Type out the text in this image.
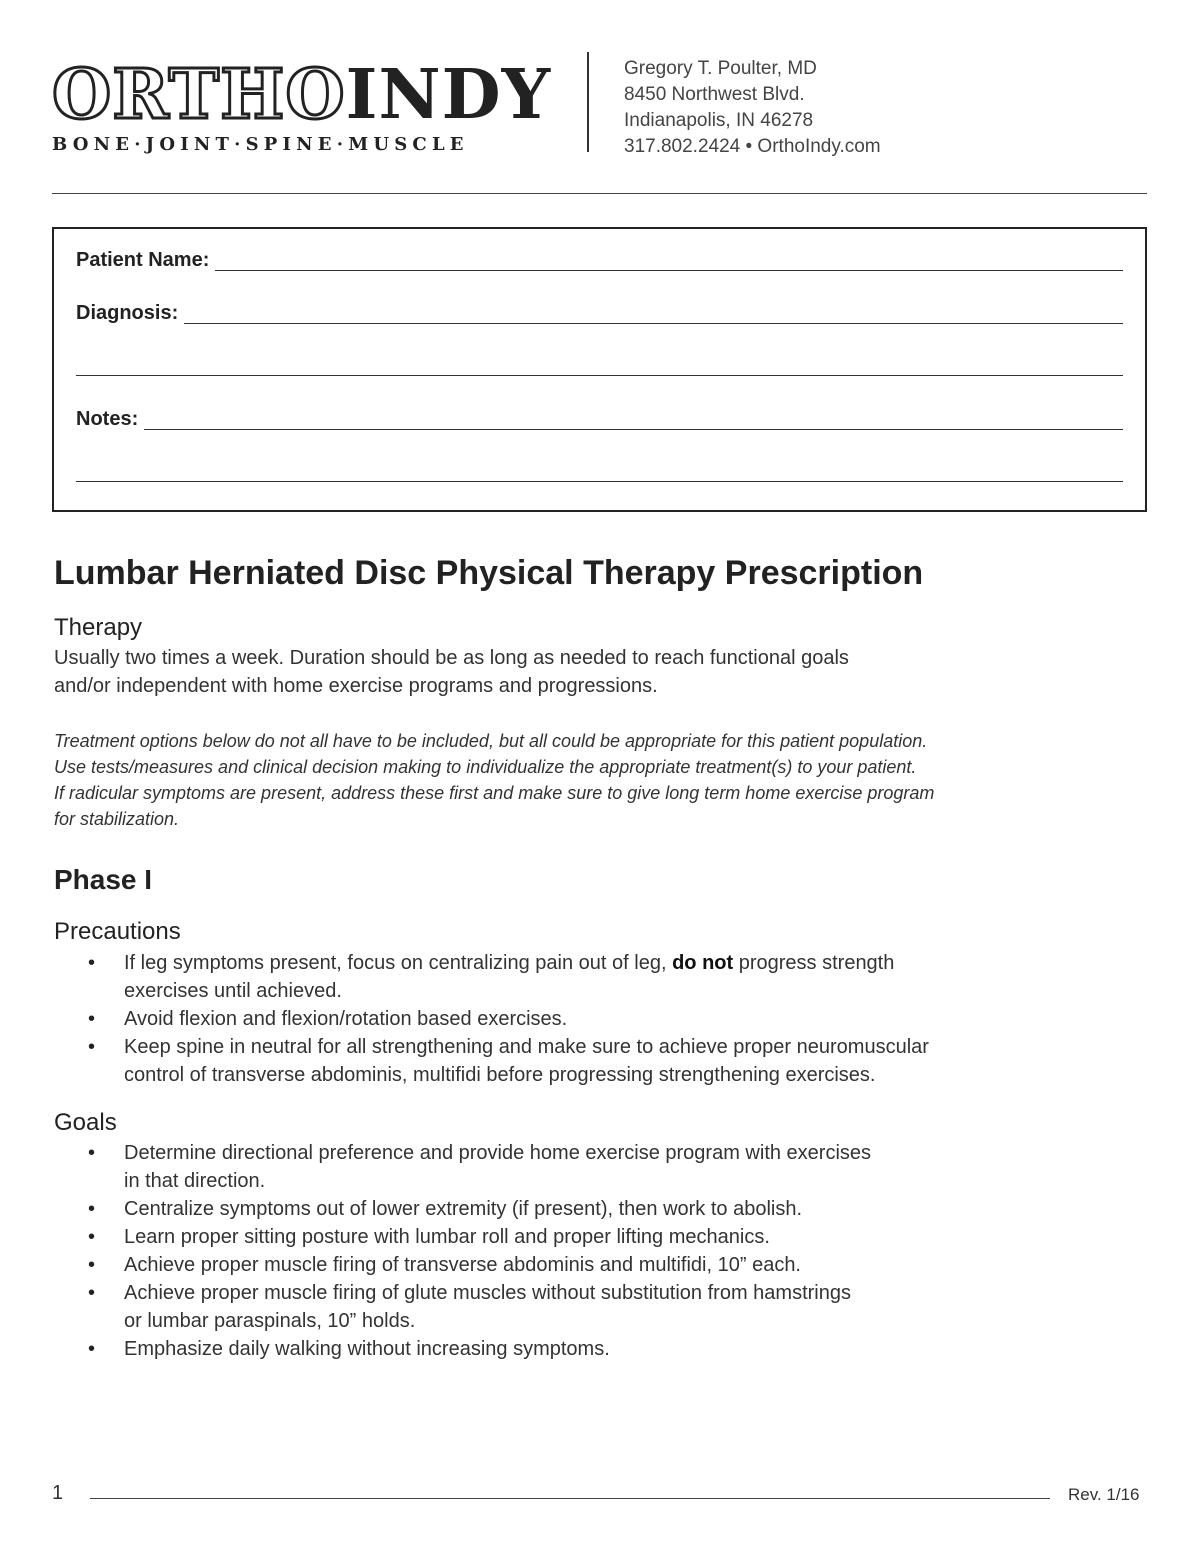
ORTHO INDY
BONE·JOINT·SPINE·MUSCLE
Gregory T. Poulter, MD
8450 Northwest Blvd.
Indianapolis, IN 46278
317.802.2424 • OrthoIndy.com
Patient Name:
Diagnosis:
Notes:
Lumbar Herniated Disc Physical Therapy Prescription
Therapy
Usually two times a week. Duration should be as long as needed to reach functional goals
and/or independent with home exercise programs and progressions.
Treatment options below do not all have to be included, but all could be appropriate for this patient population.
Use tests/measures and clinical decision making to individualize the appropriate treatment(s) to your patient.
If radicular symptoms are present, address these first and make sure to give long term home exercise program
for stabilization.
Phase I
Precautions
• If leg symptoms present, focus on centralizing pain out of leg, do not progress strength
exercises until achieved.
• Avoid flexion and flexion/rotation based exercises.
• Keep spine in neutral for all strengthening and make sure to achieve proper neuromuscular
control of transverse abdominis, multifidi before progressing strengthening exercises.
Goals
• Determine directional preference and provide home exercise program with exercises
in that direction.
• Centralize symptoms out of lower extremity (if present), then work to abolish.
• Learn proper sitting posture with lumbar roll and proper lifting mechanics.
• Achieve proper muscle firing of transverse abdominis and multifidi, 10” each.
• Achieve proper muscle firing of glute muscles without substitution from hamstrings
or lumbar paraspinals, 10” holds.
• Emphasize daily walking without increasing symptoms.
1	Rev. 1/16
